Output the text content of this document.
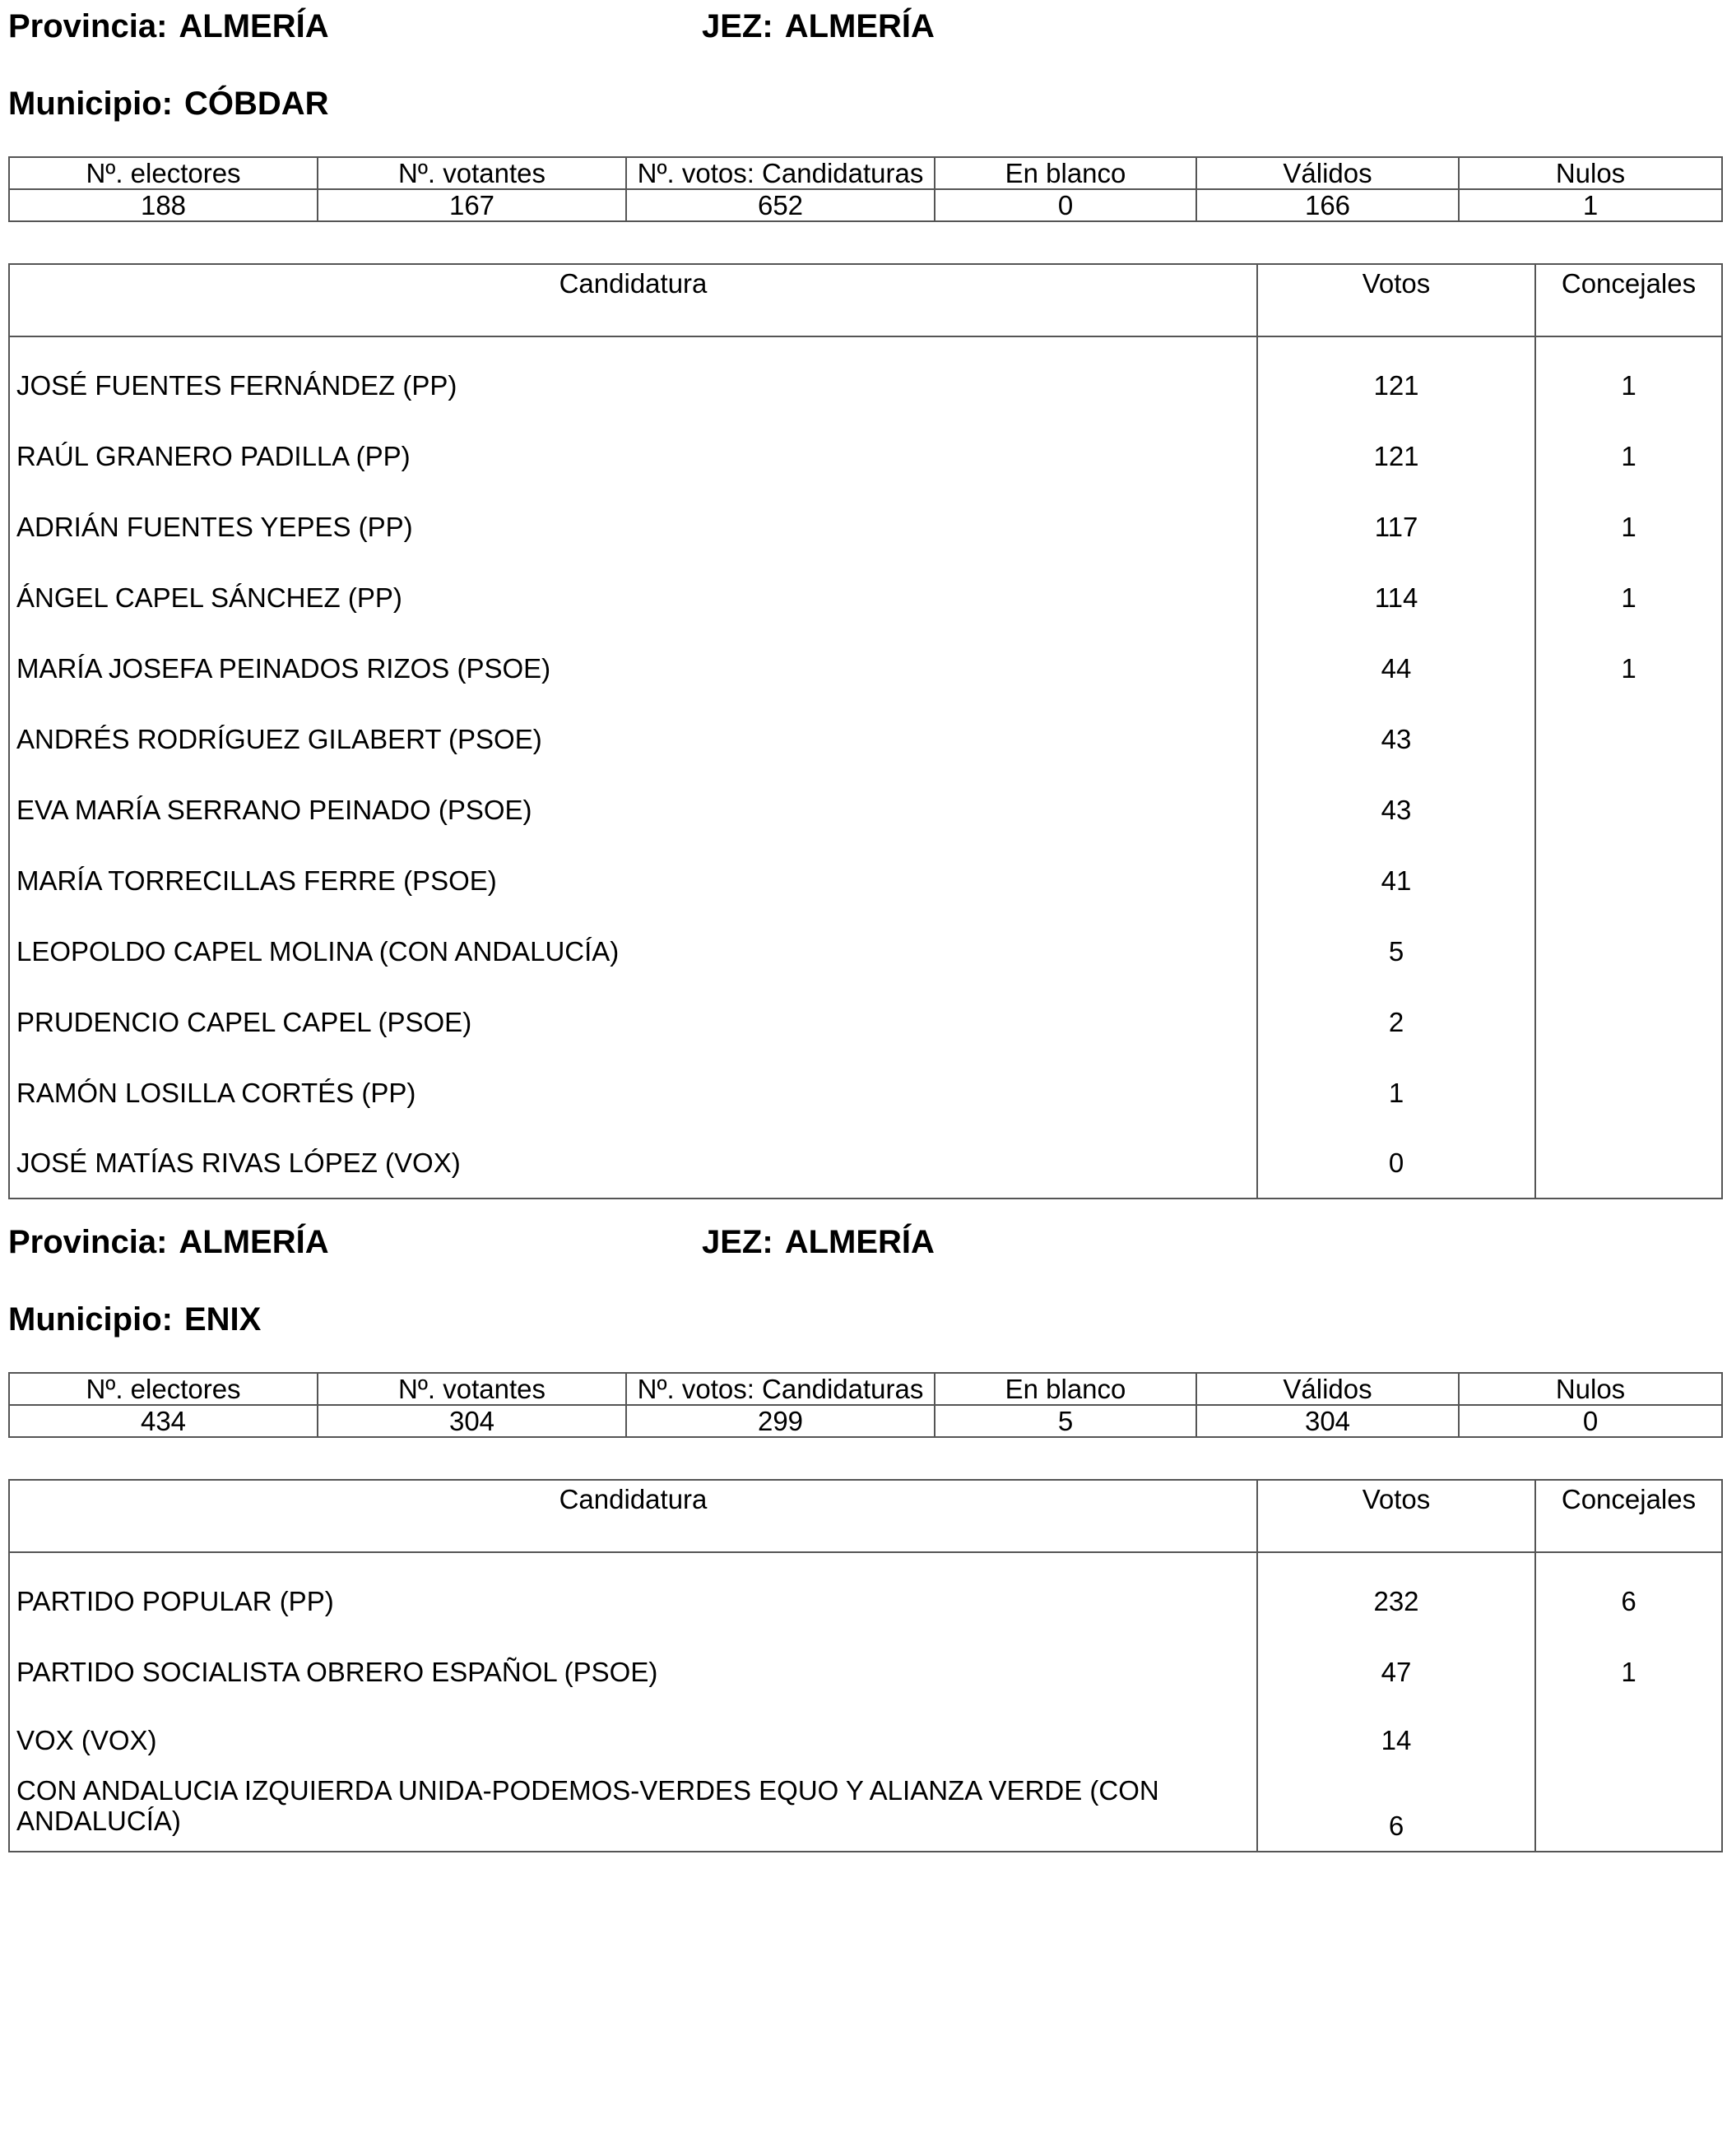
Provincia: ALMERÍA	JEZ: ALMERÍA
Municipio: CÓBDAR
Nº. electores	Nº. votantes	Nº. votos: Candidaturas	En blanco	Válidos	Nulos
188	167	652	0	166	1
Candidatura	Votos	Concejales
JOSÉ FUENTES FERNÁNDEZ (PP)	121	1
RAÚL GRANERO PADILLA (PP)	121	1
ADRIÁN FUENTES YEPES (PP)	117	1
ÁNGEL CAPEL SÁNCHEZ (PP)	114	1
MARÍA JOSEFA PEINADOS RIZOS (PSOE)	44	1
ANDRÉS RODRÍGUEZ GILABERT (PSOE)	43	
EVA MARÍA SERRANO PEINADO (PSOE)	43	
MARÍA TORRECILLAS FERRE (PSOE)	41	
LEOPOLDO CAPEL MOLINA (CON ANDALUCÍA)	5	
PRUDENCIO CAPEL CAPEL (PSOE)	2	
RAMÓN LOSILLA CORTÉS (PP)	1	
JOSÉ MATÍAS RIVAS LÓPEZ (VOX)	0	
Provincia: ALMERÍA	JEZ: ALMERÍA
Municipio: ENIX
Nº. electores	Nº. votantes	Nº. votos: Candidaturas	En blanco	Válidos	Nulos
434	304	299	5	304	0
Candidatura	Votos	Concejales
PARTIDO POPULAR (PP)	232	6
PARTIDO SOCIALISTA OBRERO ESPAÑOL (PSOE)	47	1
VOX (VOX)	14	
CON ANDALUCIA IZQUIERDA UNIDA-PODEMOS-VERDES EQUO Y ALIANZA VERDE (CON ANDALUCÍA)	6	
